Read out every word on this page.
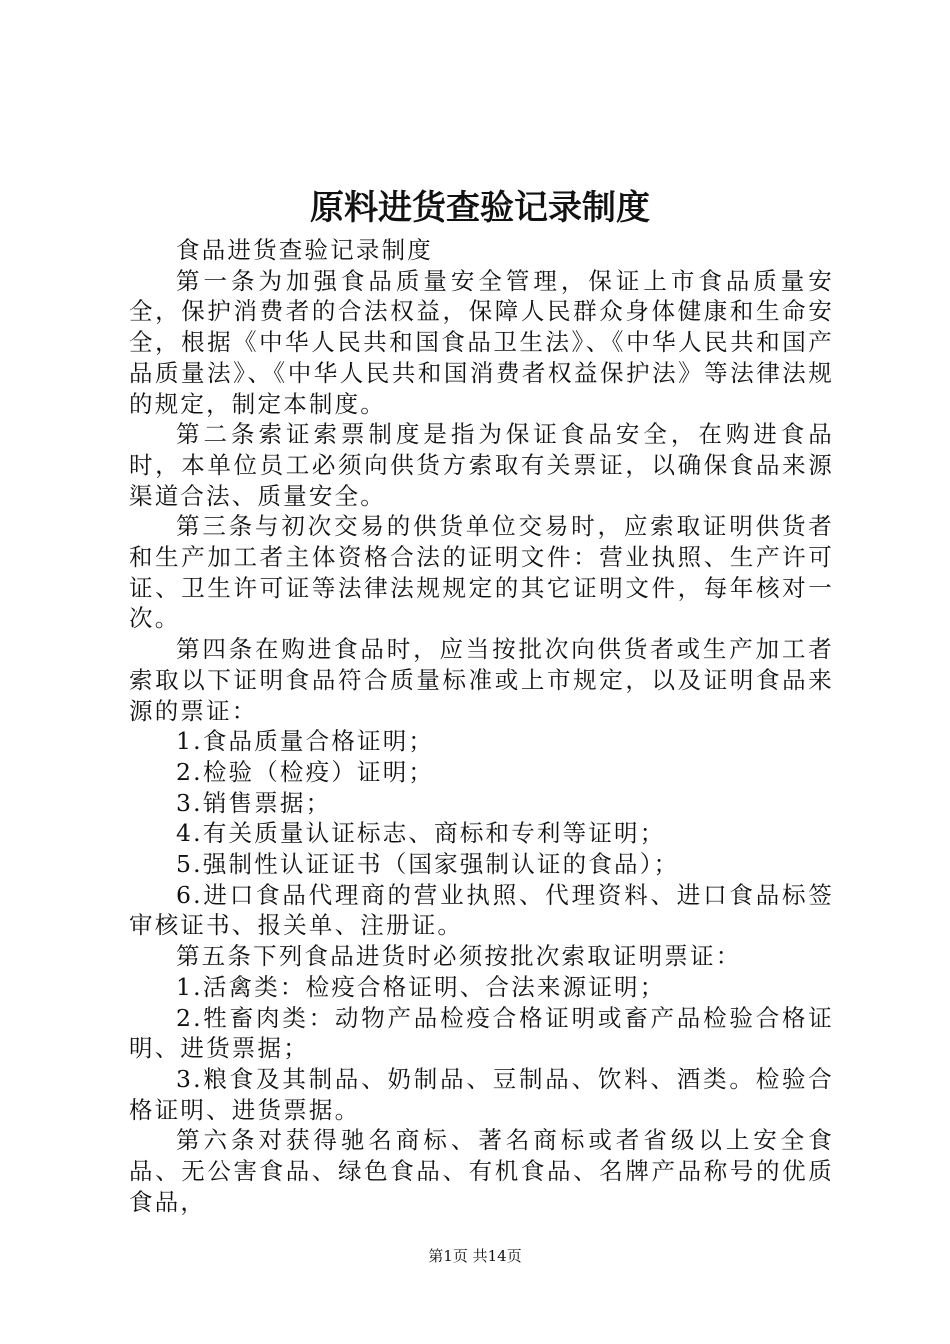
原料进货查验记录制度

食品进货查验记录制度

第一条为加强食品质量安全管理，保证上市食品质量安全，保护消费者的合法权益，保障人民群众身体健康和生命安全，根据《中华人民共和国食品卫生法》、《中华人民共和国产品质量法》、《中华人民共和国消费者权益保护法》等法律法规的规定，制定本制度。

第二条索证索票制度是指为保证食品安全，在购进食品时，本单位员工必须向供货方索取有关票证，以确保食品来源渠道合法、质量安全。

第三条与初次交易的供货单位交易时，应索取证明供货者和生产加工者主体资格合法的证明文件：营业执照、生产许可证、卫生许可证等法律法规规定的其它证明文件，每年核对一次。

第四条在购进食品时，应当按批次向供货者或生产加工者索取以下证明食品符合质量标准或上市规定，以及证明食品来源的票证：

1.食品质量合格证明；

2.检验（检疫）证明；

3.销售票据；

4.有关质量认证标志、商标和专利等证明；

5.强制性认证证书（国家强制认证的食品）；

6.进口食品代理商的营业执照、代理资料、进口食品标签审核证书、报关单、注册证。

第五条下列食品进货时必须按批次索取证明票证：

1.活禽类：检疫合格证明、合法来源证明；

2.牲畜肉类：动物产品检疫合格证明或畜产品检验合格证明、进货票据；

3.粮食及其制品、奶制品、豆制品、饮料、酒类。检验合格证明、进货票据。

第六条对获得驰名商标、著名商标或者省级以上安全食品、无公害食品、绿色食品、有机食品、名牌产品称号的优质食品，

第1页 共14页
